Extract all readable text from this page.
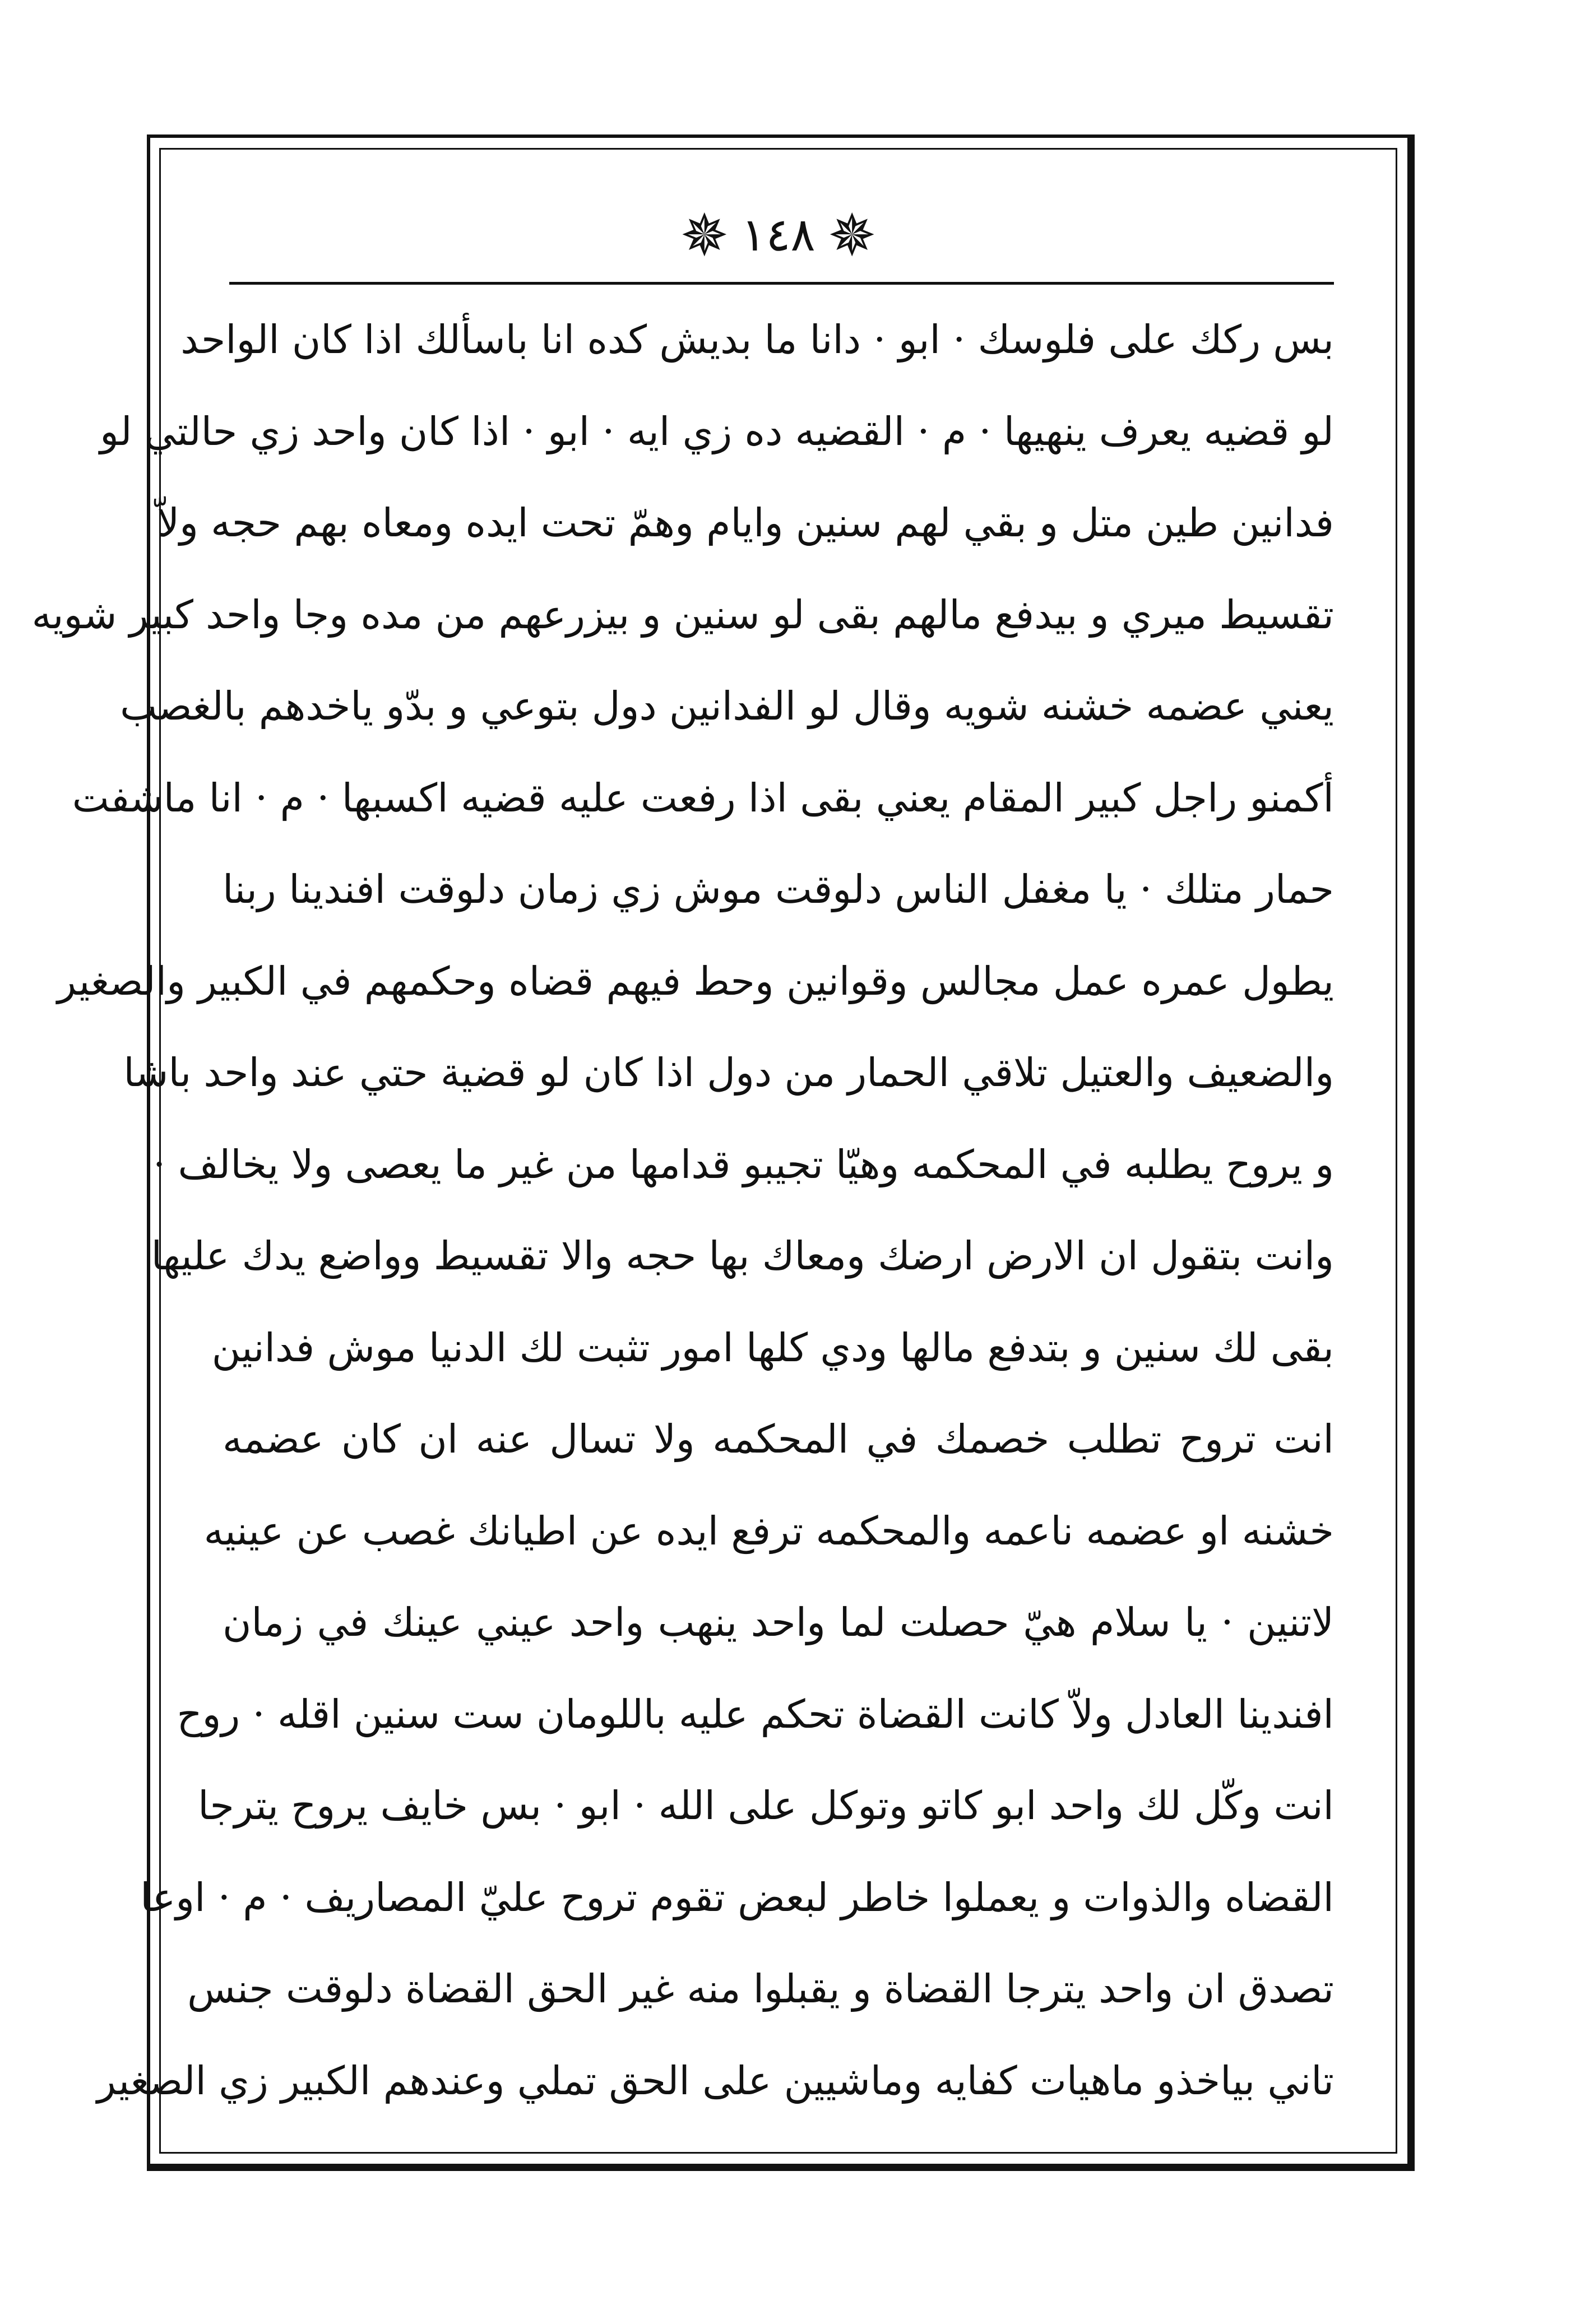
✵ ١٤٨ ✵
بس ركك على فلوسك · ابو · دانا ما بديش كده انا باسألك اذا كان الواحد
لو قضيه يعرف ينهيها · م · القضيه ده زي ايه · ابو · اذا كان واحد زي حالتي لو
فدانين طين متل و بقي لهم سنين وايام وهمّ تحت ايده ومعاه بهم حجه ولاّ
تقسيط ميري و بيدفع مالهم بقى لو سنين و بيزرعهم من مده وجا واحد كبير شويه
يعني عضمه خشنه شويه وقال لو الفدانين دول بتوعي و بدّو ياخدهم بالغصب
أكمنو راجل كبير المقام يعني بقى اذا رفعت عليه قضيه اكسبها · م · انا ماشفت
حمار متلك · يا مغفل الناس دلوقت موش زي زمان دلوقت افندينا ربنا
يطول عمره عمل مجالس وقوانين وحط فيهم قضاه وحكمهم في الكبير والصغير
والضعيف والعتيل تلاقي الحمار من دول اذا كان لو قضية حتي عند واحد باشا
و يروح يطلبه في المحكمه وهيّا تجيبو قدامها من غير ما يعصى ولا يخالف ·
وانت بتقول ان الارض ارضك ومعاك بها حجه والا تقسيط وواضع يدك عليها
بقى لك سنين و بتدفع مالها ودي كلها امور تثبت لك الدنيا موش فدانين
انت تروح تطلب خصمك في المحكمه ولا تسال عنه ان كان عضمه
خشنه او عضمه ناعمه والمحكمه ترفع ايده عن اطيانك غصب عن عينيه
لاتنين · يا سلام هيّ حصلت لما واحد ينهب واحد عيني عينك في زمان
افندينا العادل ولاّ كانت القضاة تحكم عليه باللومان ست سنين اقله · روح
انت وكّل لك واحد ابو كاتو وتوكل على الله · ابو · بس خايف يروح يترجا
القضاه والذوات و يعملوا خاطر لبعض تقوم تروح عليّ المصاريف · م · اوعا
تصدق ان واحد يترجا القضاة و يقبلوا منه غير الحق القضاة دلوقت جنس
تاني بياخذو ماهيات كفايه وماشيين على الحق تملي وعندهم الكبير زي الصغير
